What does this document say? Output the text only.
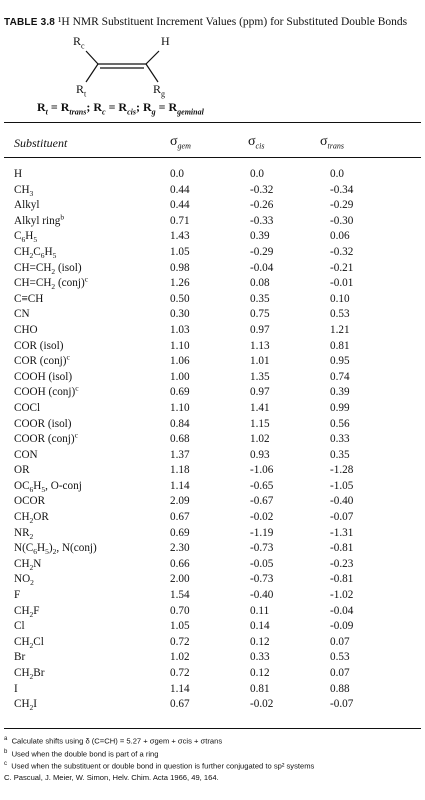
TABLE 3.8 ¹H NMR Substituent Increment Values (ppm) for Substituted Double Bonds
$R_c$	H
$R_t$	$R_g$
$R_t = R_{trans}$; $R_c = R_{cis}$; $R_g = R_{geminal}$
Substituent	$\sigma_{gem}$	$\sigma_{cis}$	$\sigma_{trans}$
H	0.0	0.0	0.0
$CH_3$	0.44	-0.32	-0.34
Alkyl	0.44	-0.26	-0.29
Alkyl ring$^b$	0.71	-0.33	-0.30
$C_6H_5$	1.43	0.39	0.06
$CH_2C_6H_5$	1.05	-0.29	-0.32
$CH=CH_2$ (isol)	0.98	-0.04	-0.21
$CH=CH_2$ (conj)$^c$	1.26	0.08	-0.01
C≡CH	0.50	0.35	0.10
CN	0.30	0.75	0.53
CHO	1.03	0.97	1.21
COR (isol)	1.10	1.13	0.81
COR (conj)$^c$	1.06	1.01	0.95
COOH (isol)	1.00	1.35	0.74
COOH (conj)$^c$	0.69	0.97	0.39
COCl	1.10	1.41	0.99
COOR (isol)	0.84	1.15	0.56
COOR (conj)$^c$	0.68	1.02	0.33
CON	1.37	0.93	0.35
OR	1.18	-1.06	-1.28
$OC_6H_5$, O-conj	1.14	-0.65	-1.05
OCOR	2.09	-0.67	-0.40
$CH_2OR$	0.67	-0.02	-0.07
$NR_2$	0.69	-1.19	-1.31
$N(C_6H_5)_2$, N(conj)	2.30	-0.73	-0.81
$CH_2N$	0.66	-0.05	-0.23
$NO_2$	2.00	-0.73	-0.81
F	1.54	-0.40	-1.02
$CH_2F$	0.70	0.11	-0.04
Cl	1.05	0.14	-0.09
$CH_2Cl$	0.72	0.12	0.07
Br	1.02	0.33	0.53
$CH_2Br$	0.72	0.12	0.07
I	1.14	0.81	0.88
$CH_2I$	0.67	-0.02	-0.07
$^a$ Calculate shifts using δ (C=CH) = 5.27 + σgem + σcis + σtrans
$^b$ Used when the double bond is part of a ring
$^c$ Used when the substituent or double bond in question is further conjugated to sp² systems
C. Pascual, J. Meier, W. Simon, Helv. Chim. Acta 1966, 49, 164.
